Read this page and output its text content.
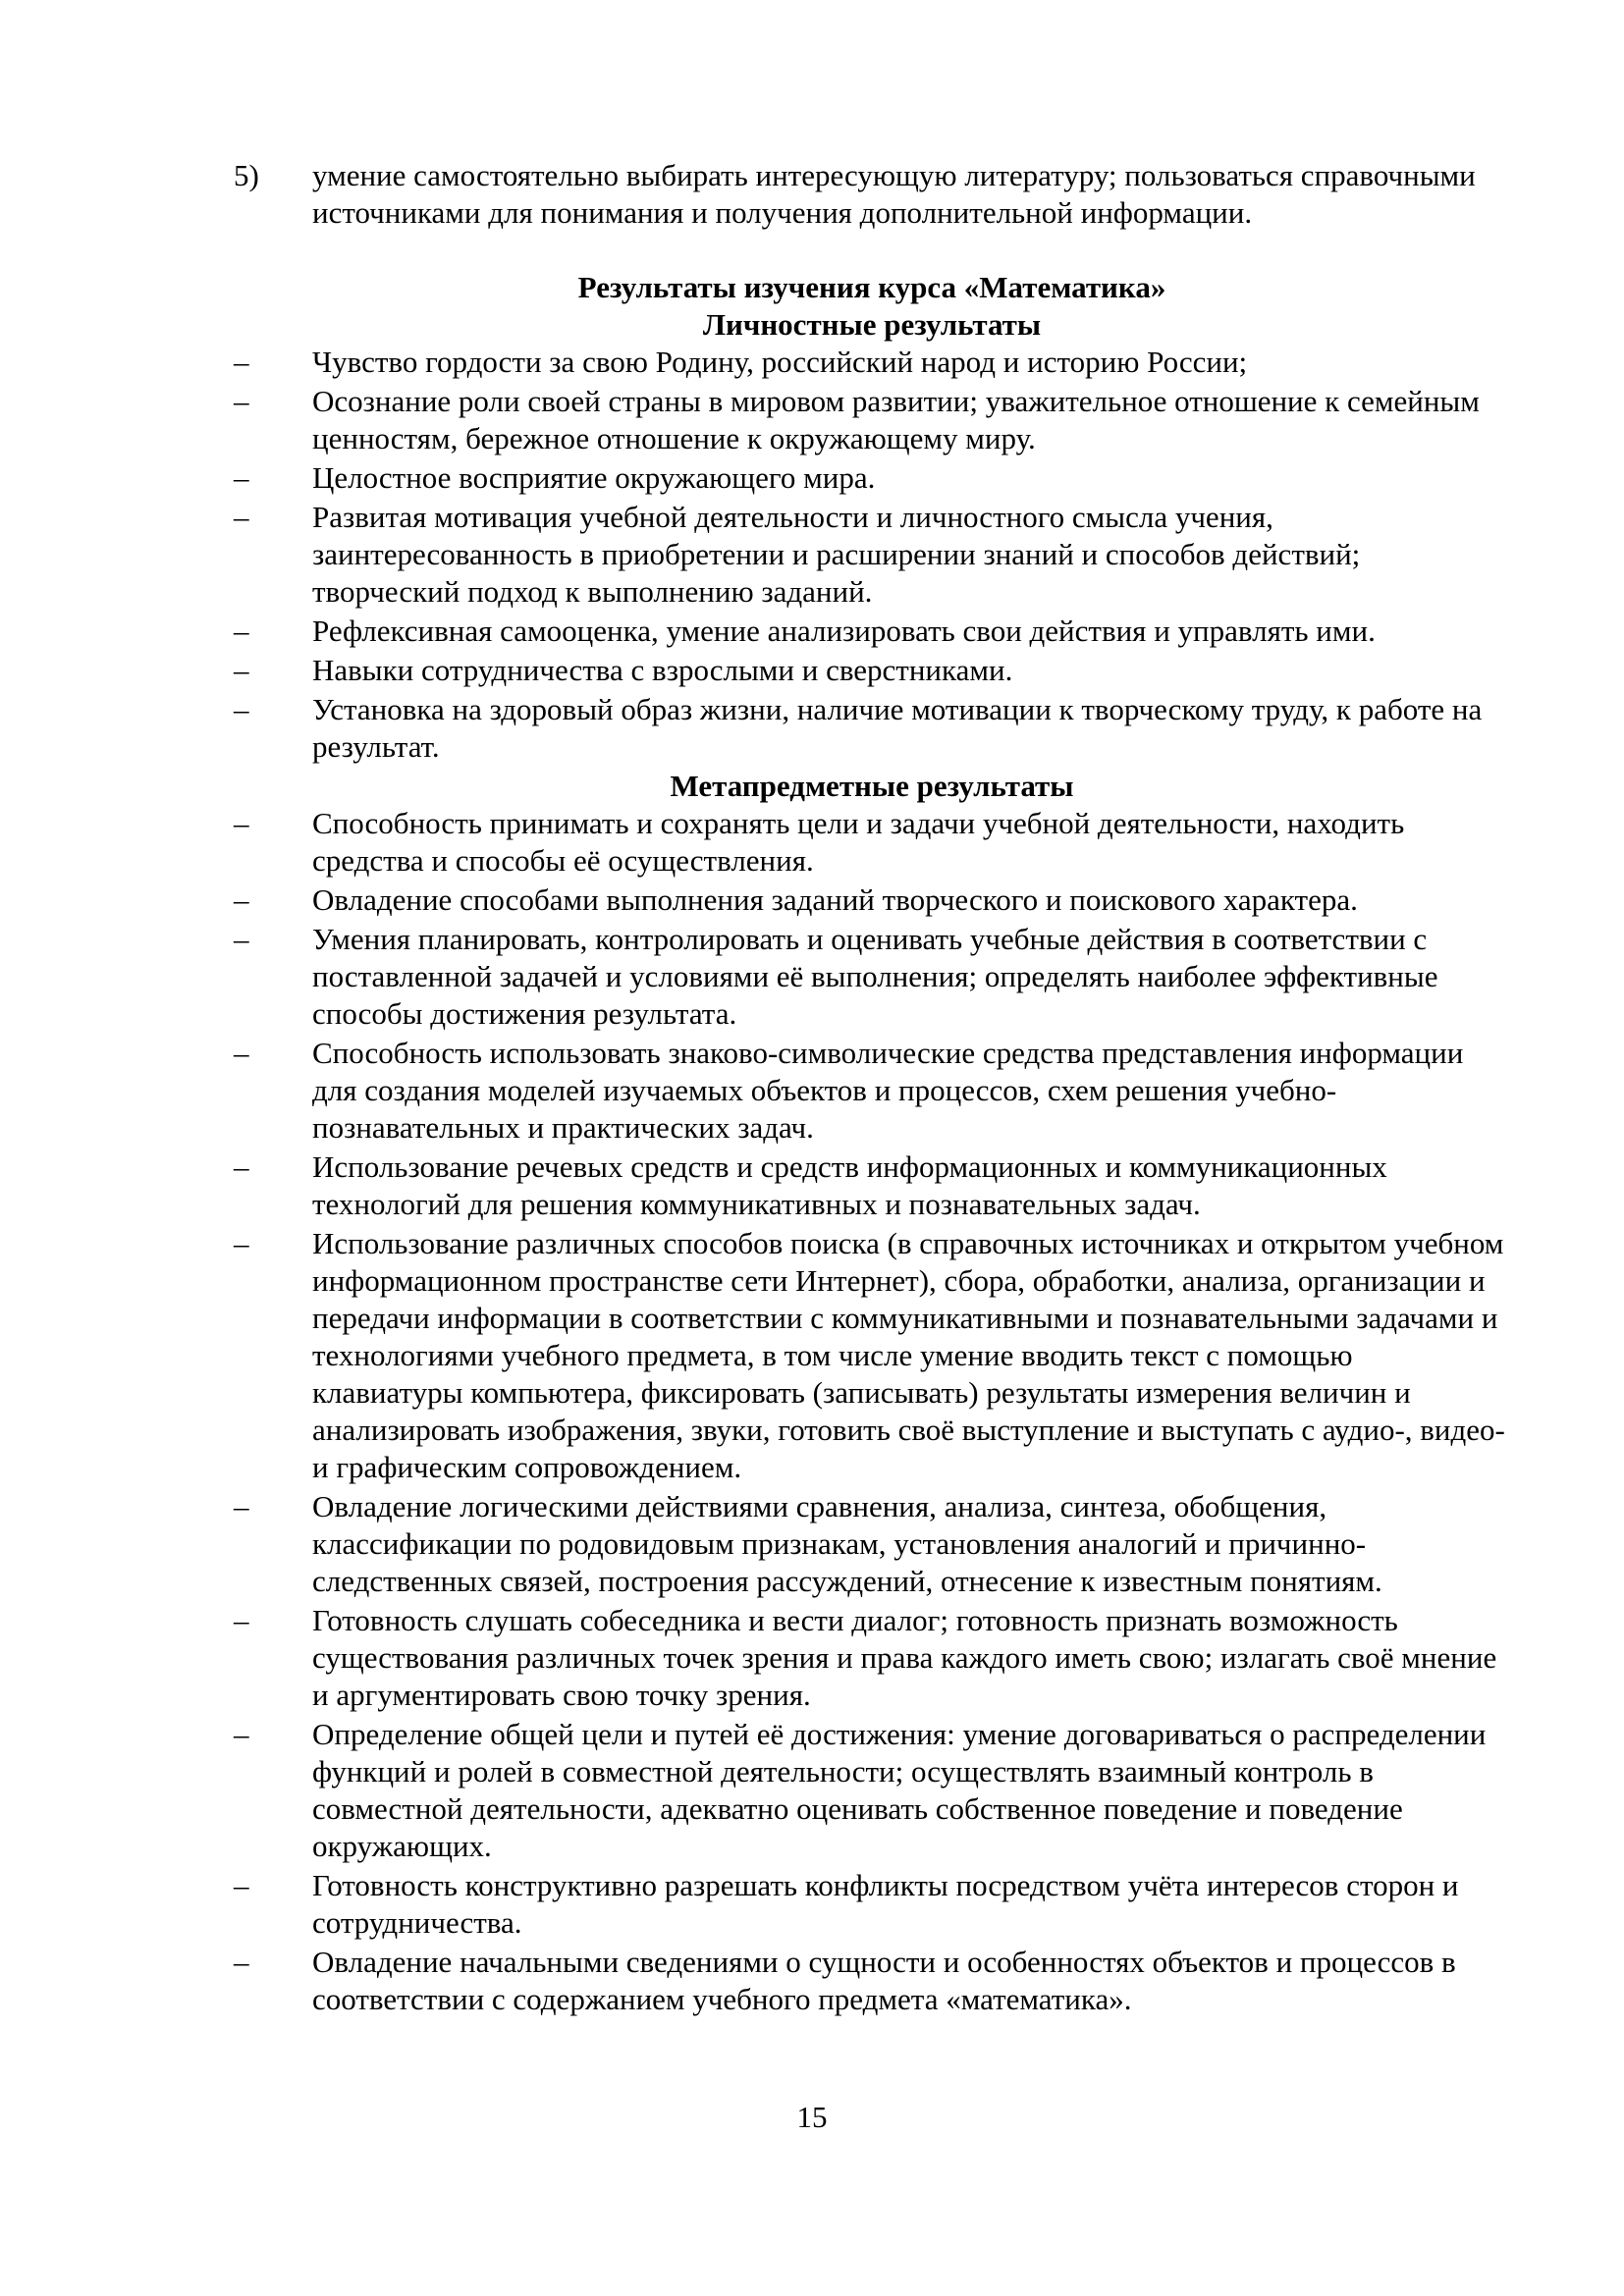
5)	умение самостоятельно выбирать интересующую литературу; пользоваться справочными источниками для понимания и получения дополнительной информации.
Результаты изучения курса «Математика»
Личностные результаты
–	Чувство гордости за свою Родину, российский народ и историю России;
–	Осознание роли своей страны в мировом развитии; уважительное отношение к семейным ценностям, бережное отношение к окружающему миру.
–	Целостное восприятие окружающего мира.
–	Развитая мотивация учебной деятельности и личностного смысла учения, заинтересованность в приобретении и расширении знаний и способов действий; творческий подход к выполнению заданий.
–	Рефлексивная самооценка, умение анализировать свои действия и управлять ими.
–	Навыки сотрудничества с взрослыми и сверстниками.
–	Установка на здоровый образ жизни, наличие мотивации к творческому труду, к работе на результат.
Метапредметные результаты
–	Способность принимать и сохранять цели и задачи учебной деятельности, находить средства и способы её осуществления.
–	Овладение способами выполнения заданий творческого и поискового характера.
–	Умения планировать, контролировать и оценивать учебные действия в соответствии с поставленной задачей и условиями её выполнения; определять наиболее эффективные способы достижения результата.
–	Способность использовать знаково-символические средства представления информации для создания моделей изучаемых объектов и процессов, схем решения учебно-познавательных и практических задач.
–	Использование речевых средств и средств информационных и коммуникационных технологий для решения коммуникативных и познавательных задач.
–	Использование различных способов поиска (в справочных источниках и открытом учебном информационном пространстве сети Интернет), сбора, обработки, анализа, организации и передачи информации в соответствии с коммуникативными и познавательными задачами и технологиями учебного предмета, в том числе умение вводить текст с помощью клавиатуры компьютера, фиксировать (записывать) результаты измерения величин и анализировать изображения, звуки, готовить своё выступление и выступать с аудио-, видео- и графическим сопровождением.
–	Овладение логическими действиями сравнения, анализа, синтеза, обобщения, классификации по родовидовым признакам, установления аналогий и причинно-следственных связей, построения рассуждений, отнесение к известным понятиям.
–	Готовность слушать собеседника и вести диалог; готовность признать возможность существования различных точек зрения и права каждого иметь свою; излагать своё мнение и аргументировать свою точку зрения.
–	Определение общей цели и путей её достижения: умение договариваться о распределении функций и ролей в совместной деятельности; осуществлять взаимный контроль в совместной деятельности, адекватно оценивать собственное поведение и поведение окружающих.
–	Готовность конструктивно разрешать конфликты посредством учёта интересов сторон и сотрудничества.
–	Овладение начальными сведениями о сущности и особенностях объектов и процессов в соответствии с содержанием учебного предмета «математика».
15
